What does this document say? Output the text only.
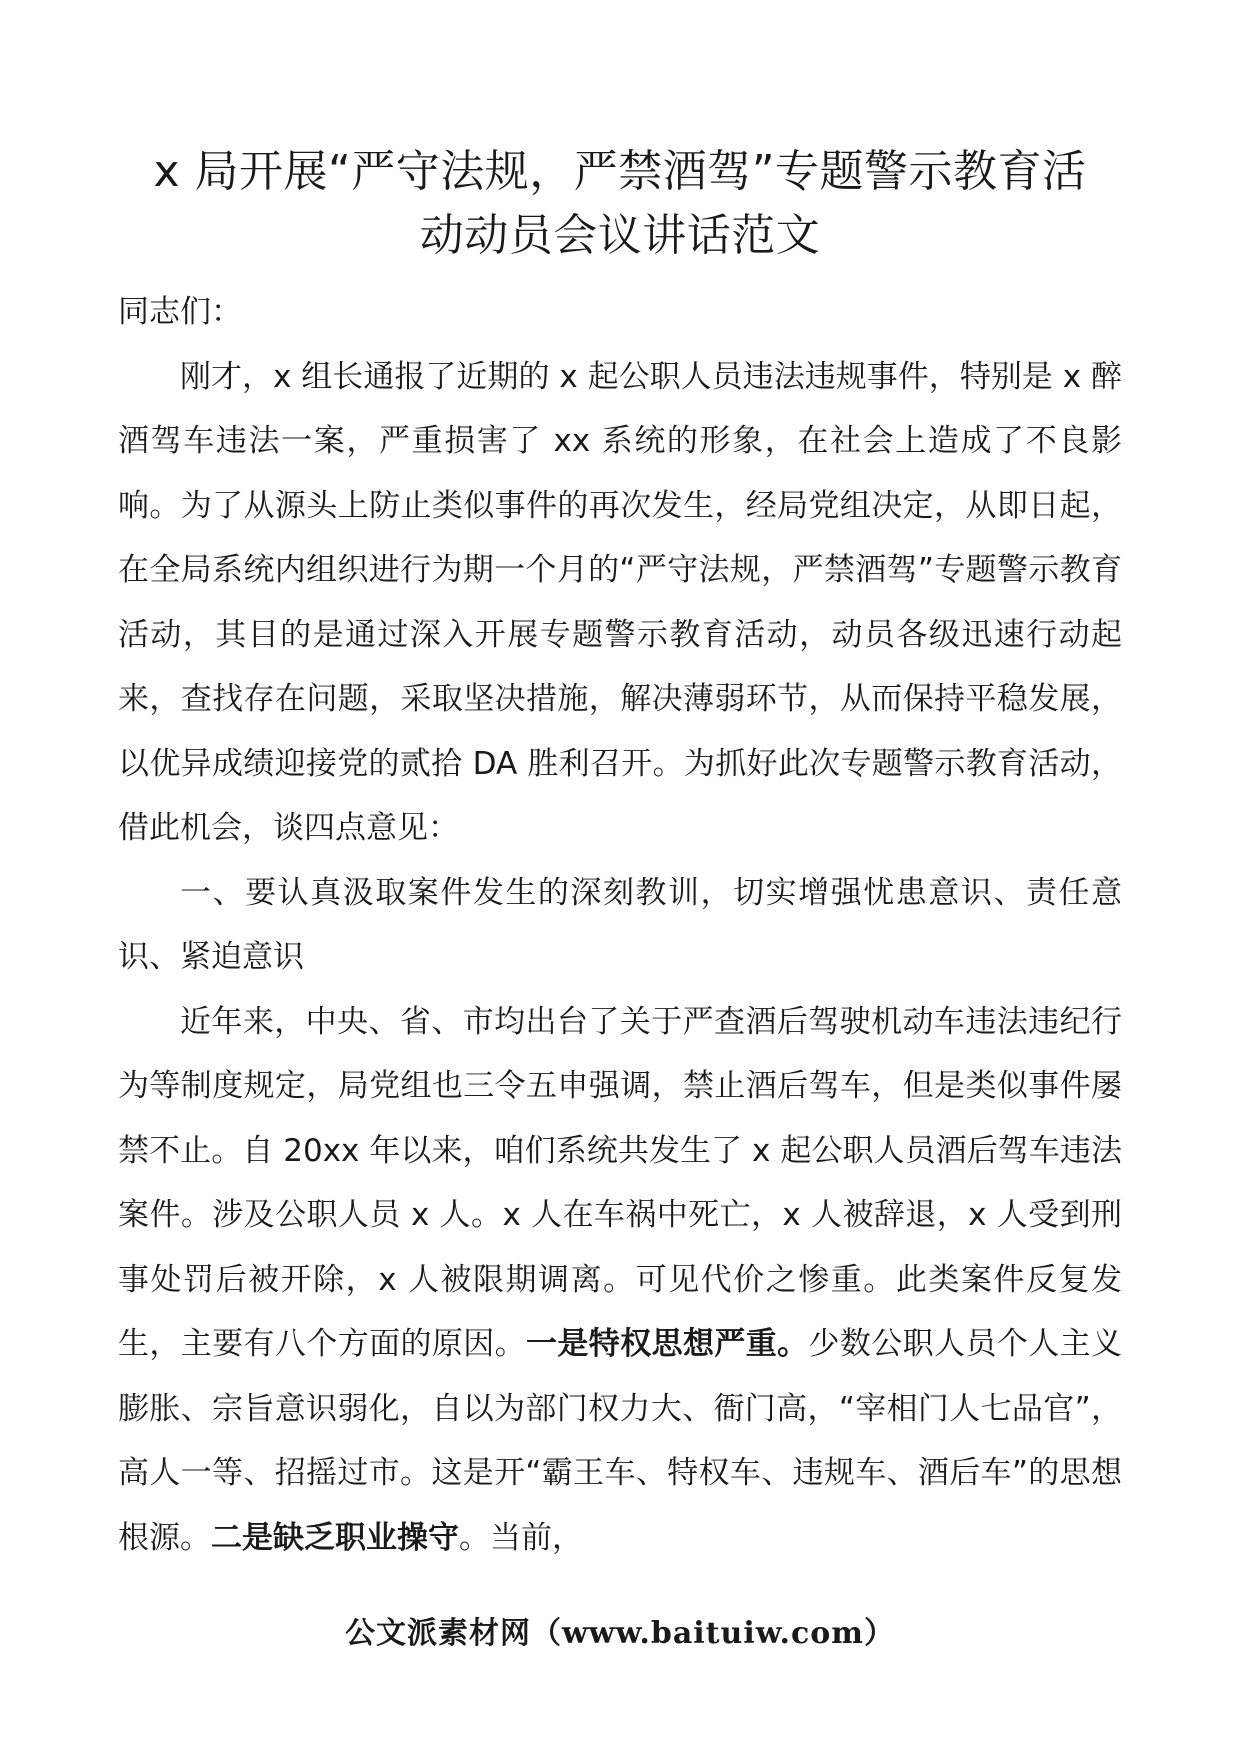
x 局开展“严守法规，严禁酒驾”专题警示教育活
动动员会议讲话范文

同志们：

刚才，x 组长通报了近期的 x 起公职人员违法违规事件，特别是 x 醉酒驾车违法一案，严重损害了 xx 系统的形象，在社会上造成了不良影响。为了从源头上防止类似事件的再次发生，经局党组决定，从即日起，在全局系统内组织进行为期一个月的“严守法规，严禁酒驾”专题警示教育活动，其目的是通过深入开展专题警示教育活动，动员各级迅速行动起来，查找存在问题，采取坚决措施，解决薄弱环节，从而保持平稳发展，以优异成绩迎接党的贰拾 DA 胜利召开。为抓好此次专题警示教育活动，借此机会，谈四点意见：

一、要认真汲取案件发生的深刻教训，切实增强忧患意识、责任意识、紧迫意识

近年来，中央、省、市均出台了关于严查酒后驾驶机动车违法违纪行为等制度规定，局党组也三令五申强调，禁止酒后驾车，但是类似事件屡禁不止。自 20xx 年以来，咱们系统共发生了 x 起公职人员酒后驾车违法案件。涉及公职人员 x 人。x 人在车祸中死亡，x 人被辞退，x 人受到刑事处罚后被开除，x 人被限期调离。可见代价之惨重。此类案件反复发生，主要有八个方面的原因。一是特权思想严重。少数公职人员个人主义膨胀、宗旨意识弱化，自以为部门权力大、衙门高，“宰相门人七品官”，高人一等、招摇过市。这是开“霸王车、特权车、违规车、酒后车”的思想根源。二是缺乏职业操守。当前，

公文派素材网（www.baituiw.com）
